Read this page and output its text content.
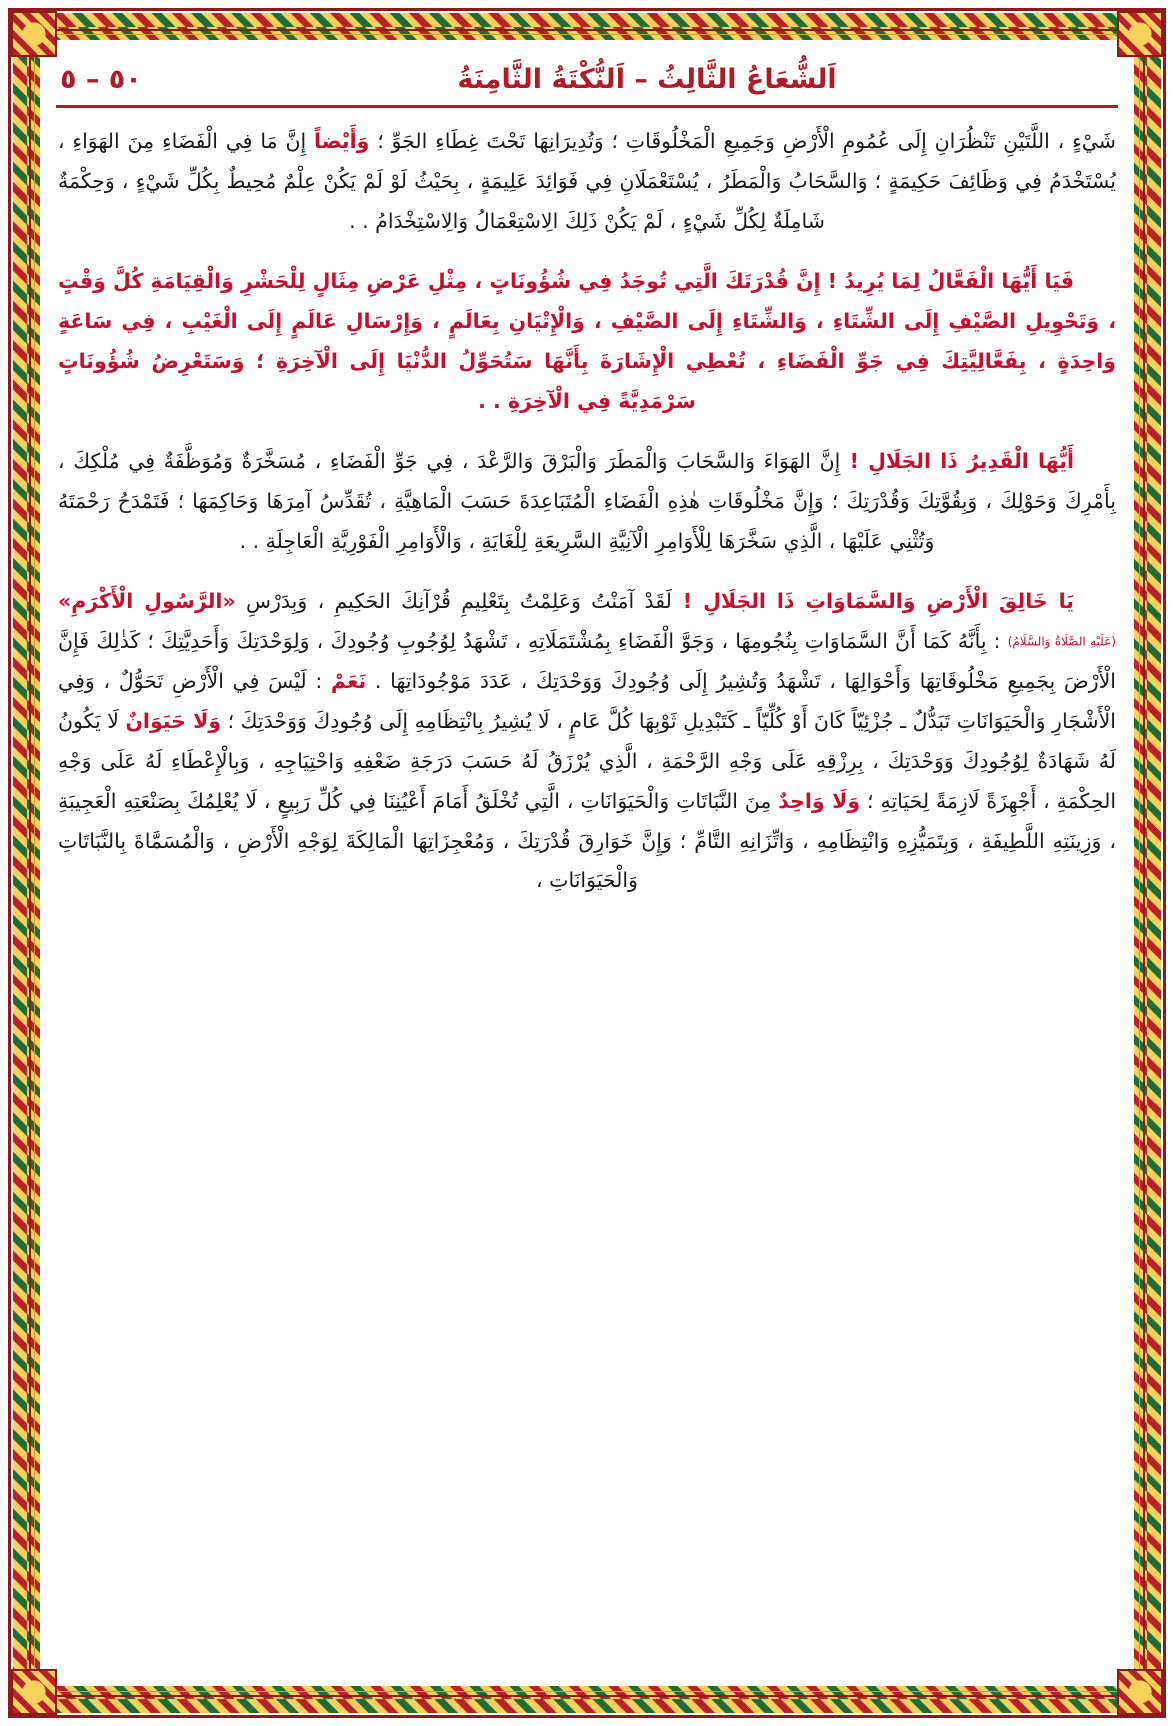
اَلشُّعَاعُ الثَّالِثُ – اَلنُّكْتَةُ الثَّامِنَةُ
٥٠ – ٥
شَيْءٍ ، اللَّتَيْنِ تَنْظُرَانِ إِلَى عُمُومِ الْأَرْضِ وَجَمِيعِ الْمَخْلُوقَاتِ ؛ وَتُدِيرَانِهَا تَحْتَ غِطَاءِ الجَوِّ ؛ وَأَيْضاً إِنَّ مَا فِي الْفَضَاءِ مِنَ الهَوَاءِ ، يُسْتَخْدَمُ فِي وَظَائِفَ حَكِيمَةٍ ؛ وَالسَّحَابُ وَالْمَطَرُ ، يُسْتَعْمَلَانِ فِي فَوَائِدَ عَلِيمَةٍ ، بِحَيْثُ لَوْ لَمْ يَكُنْ عِلْمٌ مُحِيطٌ بِكُلِّ شَيْءٍ ، وَحِكْمَةٌ شَامِلَةٌ لِكُلِّ شَيْءٍ ، لَمْ يَكُنْ ذَلِكَ الِاسْتِعْمَالُ وَالِاسْتِخْدَامُ . .
فَيَا أَيُّهَا الْفَعَّالُ لِمَا يُرِيدُ ! إِنَّ قُدْرَتَكَ الَّتِي تُوجَدُ فِي شُؤُونَاتٍ ، مِثْلِ عَرْضِ مِثَالٍ لِلْحَشْرِ وَالْقِيَامَةِ كُلَّ وَقْتٍ ، وَتَحْوِيلِ الصَّيْفِ إِلَى الشِّتَاءِ ، وَالشِّتَاءِ إِلَى الصَّيْفِ ، وَالْإِتْيَانِ بِعَالَمٍ ، وَإِرْسَالِ عَالَمٍ إِلَى الْغَيْبِ ، فِي سَاعَةٍ وَاحِدَةٍ ، بِفَعَّالِيَّتِكَ فِي جَوِّ الْفَضَاءِ ، تُعْطِي الْإِشَارَةَ بِأَنَّهَا سَتُحَوِّلُ الدُّنْيَا إِلَى الْآخِرَةِ ؛ وَسَتَعْرِضُ شُؤُونَاتٍ سَرْمَدِيَّةً فِي الْآخِرَةِ . .
أَيُّهَا الْقَدِيرُ ذَا الجَلَالِ ! إِنَّ الهَوَاءَ وَالسَّحَابَ وَالْمَطَرَ وَالْبَرْقَ وَالرَّعْدَ ، فِي جَوِّ الْفَضَاءِ ، مُسَخَّرَةٌ وَمُوَظَّفَةٌ فِي مُلْكِكَ ، بِأَمْرِكَ وَحَوْلِكَ ، وَبِقُوَّتِكَ وَقُدْرَتِكَ ؛ وَإِنَّ مَخْلُوقَاتِ هٰذِهِ الْفَضَاءِ الْمُتَبَاعِدَةَ حَسَبَ الْمَاهِيَّةِ ، تُقَدِّسُ آمِرَهَا وَحَاكِمَهَا ؛ فَتَمْدَحُ رَحْمَتَهُ وَتُثْنِي عَلَيْهَا ، الَّذِي سَخَّرَهَا لِلْأَوَامِرِ الْآنِيَّةِ السَّرِيعَةِ لِلْغَايَةِ ، وَالْأَوَامِرِ الْفَوْرِيَّةِ الْعَاجِلَةِ . .
يَا خَالِقَ الْأَرْضِ وَالسَّمَاوَاتِ ذَا الجَلَالِ ! لَقَدْ آمَنْتُ وَعَلِمْتُ بِتَعْلِيمِ قُرْآنِكَ الحَكِيمِ ، وَبِدَرْسِ «الرَّسُولِ الْأَكْرَمِ» (عَلَيْهِ الصَّلَاةُ وَالسَّلَامُ) : بِأَنَّهُ كَمَا أَنَّ السَّمَاوَاتِ بِنُجُومِهَا ، وَجَوَّ الْفَضَاءِ بِمُشْتَمَلَاتِهِ ، تَشْهَدُ لِوُجُوبِ وُجُودِكَ ، وَلِوَحْدَتِكَ وَأَحَدِيَّتِكَ ؛ كَذٰلِكَ فَإِنَّ الْأَرْضَ بِجَمِيعِ مَخْلُوقَاتِهَا وَأَحْوَالِهَا ، تَشْهَدُ وَتُشِيرُ إِلَى وُجُودِكَ وَوَحْدَتِكَ ، عَدَدَ مَوْجُودَاتِهَا . نَعَمْ : لَيْسَ فِي الْأَرْضِ تَحَوُّلٌ ، وَفِي الْأَشْجَارِ وَالْحَيَوَانَاتِ تَبَدُّلٌ ـ جُزْئِيّاً كَانَ أَوْ كُلِّيّاً ـ كَتَبْدِيلِ ثَوْبِهَا كُلَّ عَامٍ ، لَا يُشِيرُ بِانْتِظَامِهِ إِلَى وُجُودِكَ وَوَحْدَتِكَ ؛ وَلَا حَيَوَانٌ لَا يَكُونُ لَهُ شَهَادَةٌ لِوُجُودِكَ وَوَحْدَتِكَ ، بِرِزْقِهِ عَلَى وَجْهِ الرَّحْمَةِ ، الَّذِي يُرْزَقُ لَهُ حَسَبَ دَرَجَةِ ضَعْفِهِ وَاحْتِيَاجِهِ ، وَبِالْإِعْطَاءِ لَهُ عَلَى وَجْهِ الحِكْمَةِ ، أَجْهِزَةً لَازِمَةً لِحَيَاتِهِ ؛ وَلَا وَاحِدٌ مِنَ النَّبَاتَاتِ وَالْحَيَوَانَاتِ ، الَّتِي تُخْلَقُ أَمَامَ أَعْيُنِنَا فِي كُلِّ رَبِيعٍ ، لَا يُعْلِمُكَ بِصَنْعَتِهِ الْعَجِيبَةِ ، وَزِينَتِهِ اللَّطِيفَةِ ، وَبِتَمَيُّزِهِ وَانْتِظَامِهِ ، وَاتِّزَانِهِ التَّامِّ ؛ وَإِنَّ خَوَارِقَ قُدْرَتِكَ ، وَمُعْجِزَاتِهَا الْمَالِكَةَ لِوَجْهِ الْأَرْضِ ، وَالْمُسَمَّاةَ بِالنَّبَاتَاتِ وَالْحَيَوَانَاتِ ،
